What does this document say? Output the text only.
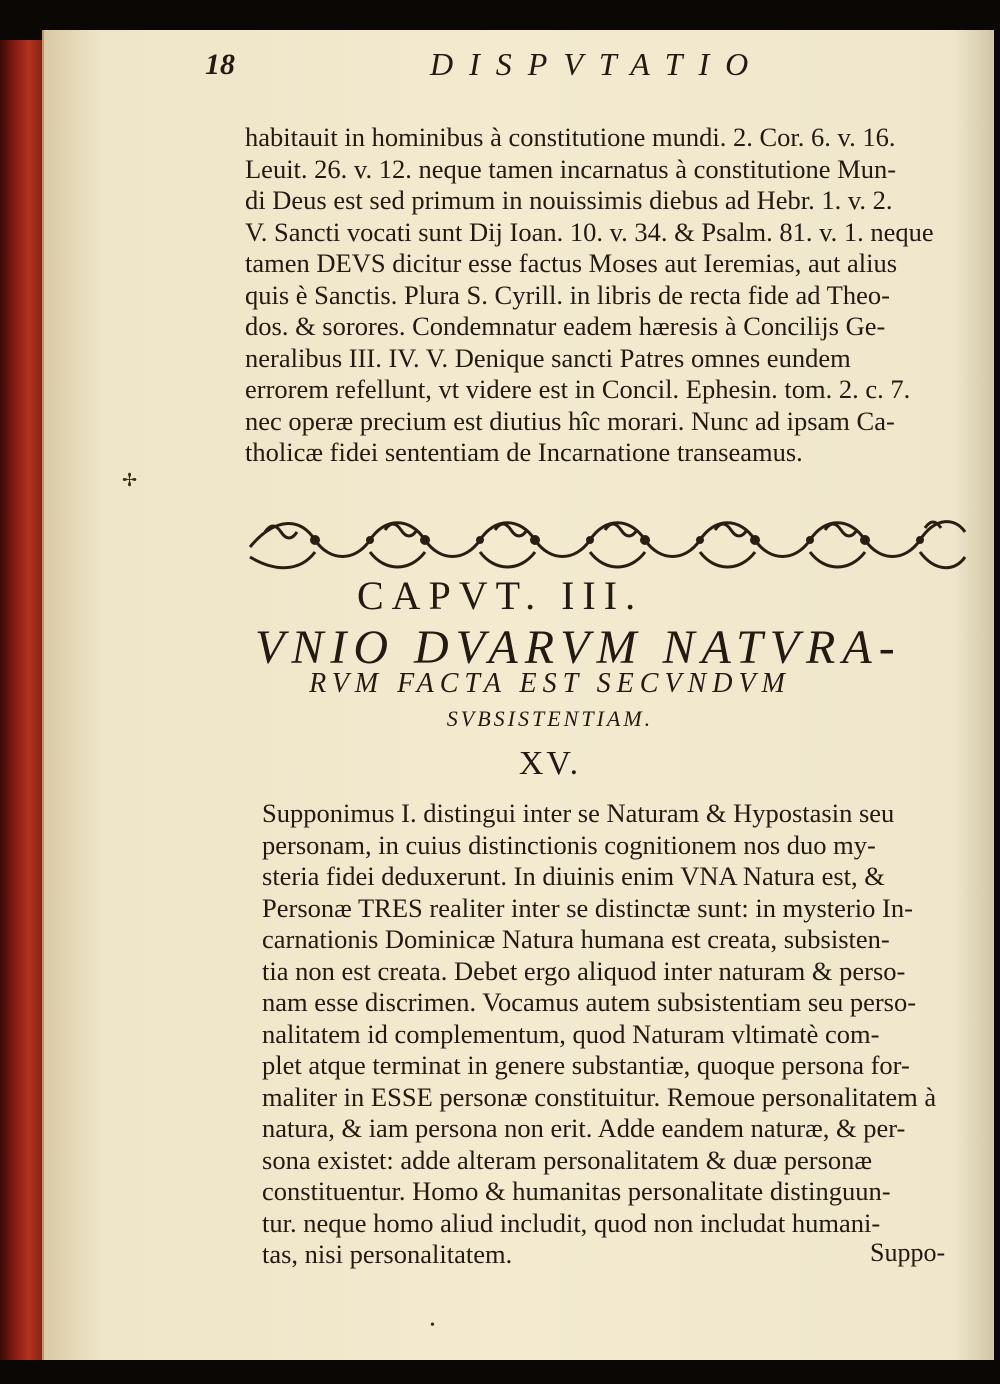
18	DISPVTATIO
habitauit in hominibus à constitutione mundi. 2. Cor. 6. v. 16.
Leuit. 26. v. 12. neque tamen incarnatus à constitutione Mun-
di Deus est sed primum in nouissimis diebus ad Hebr. 1. v. 2.
V. Sancti vocati sunt Dij Ioan. 10. v. 34. & Psalm. 81. v. 1. neque
tamen DEVS dicitur esse factus Moses aut Ieremias, aut alius
quis è Sanctis. Plura S. Cyrill. in libris de recta fide ad Theo-
dos. & sorores. Condemnatur eadem hæresis à Concilijs Ge-
neralibus III. IV. V. Denique sancti Patres omnes eundem
errorem refellunt, vt videre est in Concil. Ephesin. tom. 2. c. 7.
nec operæ precium est diutius hîc morari. Nunc ad ipsam Ca-
tholicæ fidei sententiam de Incarnatione transeamus.
CAPVT. III.
VNIO DVARVM NATVRA-
RVM FACTA EST SECVNDVM
SVBSISTENTIAM.
XV.
Supponimus I. distingui inter se Naturam & Hypostasin seu
personam, in cuius distinctionis cognitionem nos duo my-
steria fidei deduxerunt. In diuinis enim VNA Natura est, &
Personæ TRES realiter inter se distinctæ sunt: in mysterio In-
carnationis Dominicæ Natura humana est creata, subsisten-
tia non est creata. Debet ergo aliquod inter naturam & perso-
nam esse discrimen. Vocamus autem subsistentiam seu perso-
nalitatem id complementum, quod Naturam vltimatè com-
plet atque terminat in genere substantiæ, quoque persona for-
maliter in ESSE personæ constituitur. Remoue personalitatem à
natura, & iam persona non erit. Adde eandem naturæ, & per-
sona existet: adde alteram personalitatem & duæ personæ
constituentur. Homo & humanitas personalitate distinguun-
tur. neque homo aliud includit, quod non includat humani-
tas, nisi personalitatem.	Suppo-
✢
•
